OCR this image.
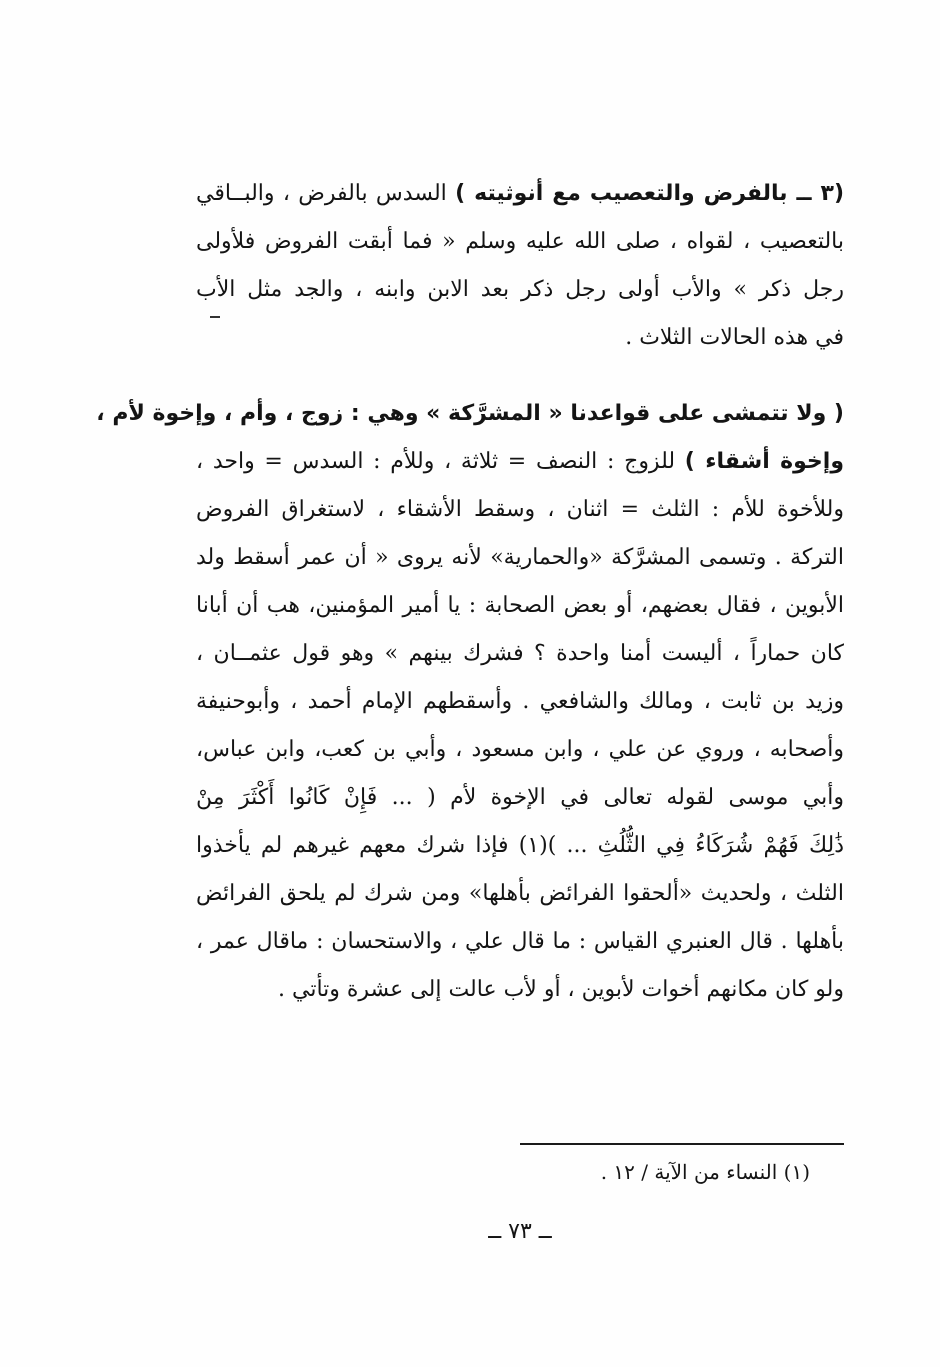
(٣ ــ بالفرض والتعصيب مع أنوثيته ) السدس بالفرض ، والبــاقي
بالتعصيب ، لقواه ، صلى الله عليه وسلم « فما أبقت الفروض فلأولى
رجل ذكر » والأب أولى رجل ذكر بعد الابن وابنه ، والجد مثل الأب
في هذه الحالات الثلاث .
( ولا تتمشى على قواعدنا « المشرَّكة » وهي : زوج ، وأم ، وإخوة لأم ،
وإخوة أشقاء ) للزوج : النصف = ثلاثة ، وللأم : السدس = واحد ،
وللأخوة للأم : الثلث = اثنان ، وسقط الأشقاء ، لاستغراق الفروض
التركة . وتسمى المشرَّكة «والحمارية» لأنه يروى « أن عمر أسقط ولد
الأبوين ، فقال بعضهم، أو بعض الصحابة : يا أمير المؤمنين، هب أن أبانا
كان حماراً ، أليست أمنا واحدة ؟ فشرك بينهم » وهو قول عثمــان ،
وزيد بن ثابت ، ومالك والشافعي . وأسقطهم الإمام أحمد ، وأبوحنيفة
وأصحابه ، وروي عن علي ، وابن مسعود ، وأبي بن كعب، وابن عباس،
وأبي موسى لقوله تعالى في الإخوة لأم ( ... فَإِنْ كَانُوا أَكْثَرَ مِنْ
ذَٰلِكَ فَهُمْ شُرَكَاءُ فِي الثُّلُثِ ... )(١) فإذا شرك معهم غيرهم لم يأخذوا
الثلث ، ولحديث «ألحقوا الفرائض بأهلها» ومن شرك لم يلحق الفرائض
بأهلها . قال العنبري القياس : ما قال علي ، والاستحسان : ماقال عمر ،
ولو كان مكانهم أخوات لأبوين ، أو لأب عالت إلى عشرة وتأتي .
(١) النساء من الآية / ١٢ .
ــ ٧٣ ــ
